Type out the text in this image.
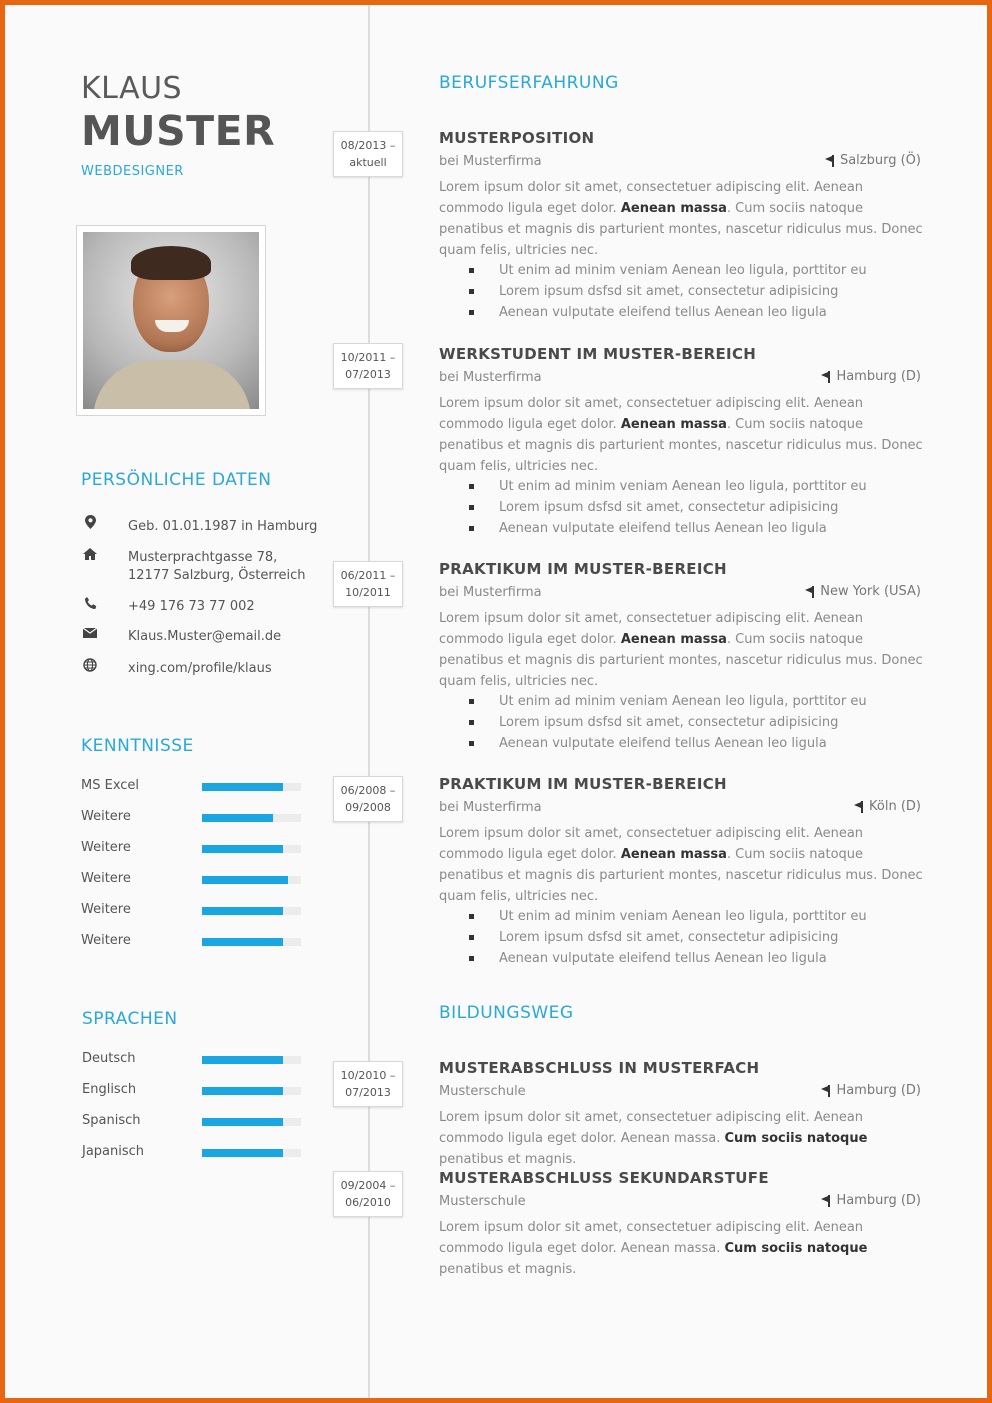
KLAUS
MUSTER
WEBDESIGNER
PERSÖNLICHE DATEN
Geb. 01.01.1987 in Hamburg
Musterprachtgasse 78, 12177 Salzburg, Österreich
+49 176 73 77 002
Klaus.Muster@email.de
xing.com/profile/klaus
KENNTNISSE
SPRACHEN
BERUFSERFAHRUNG
BILDUNGSWEG
MS Excel
Weitere
Weitere
Weitere
Weitere
Weitere
Deutsch
Englisch
Spanisch
Japanisch
08/2013 –
aktuell
MUSTERPOSITION
bei Musterfirma	Salzburg (Ö)
Lorem ipsum dolor sit amet, consectetuer adipiscing elit. Aenean commodo ligula eget dolor. Aenean massa. Cum sociis natoque penatibus et magnis dis parturient montes, nascetur ridiculus mus. Donec quam felis, ultricies nec.
Ut enim ad minim veniam Aenean leo ligula, porttitor eu
Lorem ipsum dsfsd sit amet, consectetur adipisicing
Aenean vulputate eleifend tellus Aenean leo ligula
10/2011 –
07/2013
WERKSTUDENT IM MUSTER-BEREICH
bei Musterfirma	Hamburg (D)
Lorem ipsum dolor sit amet, consectetuer adipiscing elit. Aenean commodo ligula eget dolor. Aenean massa. Cum sociis natoque penatibus et magnis dis parturient montes, nascetur ridiculus mus. Donec quam felis, ultricies nec.
Ut enim ad minim veniam Aenean leo ligula, porttitor eu
Lorem ipsum dsfsd sit amet, consectetur adipisicing
Aenean vulputate eleifend tellus Aenean leo ligula
06/2011 –
10/2011
PRAKTIKUM IM MUSTER-BEREICH
bei Musterfirma	New York (USA)
Lorem ipsum dolor sit amet, consectetuer adipiscing elit. Aenean commodo ligula eget dolor. Aenean massa. Cum sociis natoque penatibus et magnis dis parturient montes, nascetur ridiculus mus. Donec quam felis, ultricies nec.
Ut enim ad minim veniam Aenean leo ligula, porttitor eu
Lorem ipsum dsfsd sit amet, consectetur adipisicing
Aenean vulputate eleifend tellus Aenean leo ligula
06/2008 –
09/2008
PRAKTIKUM IM MUSTER-BEREICH
bei Musterfirma	Köln (D)
Lorem ipsum dolor sit amet, consectetuer adipiscing elit. Aenean commodo ligula eget dolor. Aenean massa. Cum sociis natoque penatibus et magnis dis parturient montes, nascetur ridiculus mus. Donec quam felis, ultricies nec.
Ut enim ad minim veniam Aenean leo ligula, porttitor eu
Lorem ipsum dsfsd sit amet, consectetur adipisicing
Aenean vulputate eleifend tellus Aenean leo ligula
10/2010 –
07/2013
MUSTERABSCHLUSS IN MUSTERFACH
Musterschule	Hamburg (D)
Lorem ipsum dolor sit amet, consectetuer adipiscing elit. Aenean commodo ligula eget dolor. Aenean massa. Cum sociis natoque penatibus et magnis.
09/2004 –
06/2010
MUSTERABSCHLUSS SEKUNDARSTUFE
Musterschule	Hamburg (D)
Lorem ipsum dolor sit amet, consectetuer adipiscing elit. Aenean commodo ligula eget dolor. Aenean massa. Cum sociis natoque penatibus et magnis.
